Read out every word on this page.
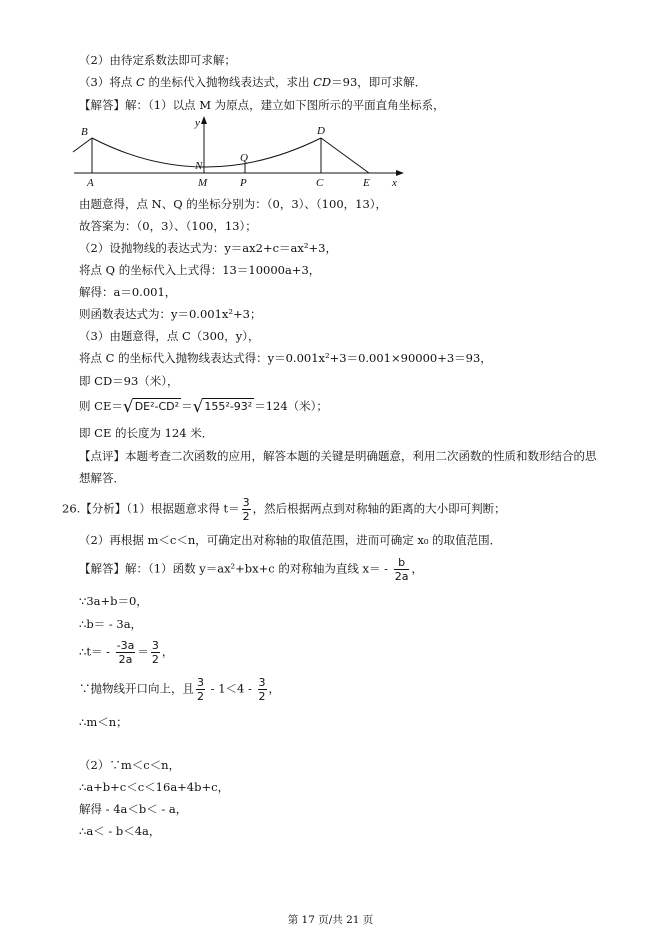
（2）由待定系数法即可求解；
（3）将点 C 的坐标代入抛物线表达式，求出 CD＝93，即可求解．
【解答】解：（1）以点 M 为原点，建立如下图所示的平面直角坐标系，
B
A
y
N
M
Q
P
D
C	E x
由题意得，点 N、Q 的坐标分别为：（0，3）、（100，13），
故答案为：（0，3）、（100，13）；
（2）设抛物线的表达式为：y＝ax2+c＝ax²+3，
将点 Q 的坐标代入上式得：13＝10000a+3，
解得：a＝0.001，
则函数表达式为：y＝0.001x²+3；
（3）由题意得，点 C（300，y），
将点 C 的坐标代入抛物线表达式得：y＝0.001x²+3＝0.001×90000+3＝93，
即 CD＝93（米），
则 CE＝√DE²-CD² ＝√155²-93² ＝124（米）；
即 CE 的长度为 124 米．
【点评】本题考查二次函数的应用，解答本题的关键是明确题意，利用二次函数的性质和数形结合的思
想解答．
26.【分析】（1）根据题意求得 $t= \frac{3}{2}$ ，然后根据两点到对称轴的距离的大小即可判断；
（2）再根据 m＜c＜n，可确定出对称轴的取值范围，进而可确定 x₀ 的取值范围．
【解答】解：（1）函数 y＝ax²+bx+c 的对称轴为直线 $x= - \frac{b}{2a}$ ，
∵3a+b＝0，
∴b＝ - 3a，
∴t＝ - $\frac{-3a}{2a} = \frac{3}{2}$ ，
∵抛物线开口向上，且 $\frac{3}{2} - 1<4 - \frac{3}{2}$ ，
∴m＜n；
（2）∵m＜c＜n，
∴a+b+c＜c＜16a+4b+c，
解得 - 4a＜b＜ - a，
∴a＜ - b＜4a，
第 17 页/共 21 页
